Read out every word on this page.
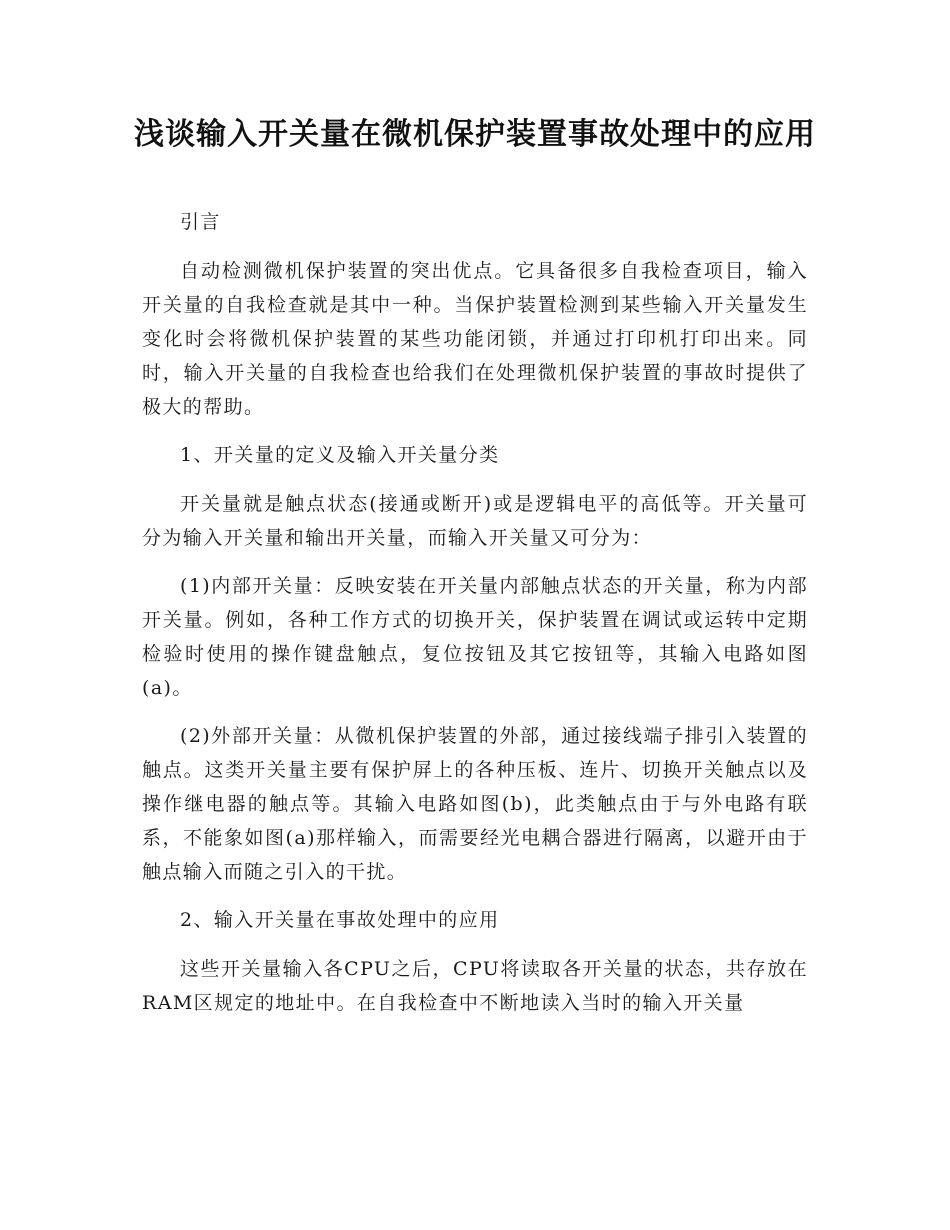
浅谈输入开关量在微机保护装置事故处理中的应用

引言

自动检测微机保护装置的突出优点。它具备很多自我检查项目，输入开关量的自我检查就是其中一种。当保护装置检测到某些输入开关量发生变化时会将微机保护装置的某些功能闭锁，并通过打印机打印出来。同时，输入开关量的自我检查也给我们在处理微机保护装置的事故时提供了极大的帮助。

1、开关量的定义及输入开关量分类

开关量就是触点状态(接通或断开)或是逻辑电平的高低等。开关量可分为输入开关量和输出开关量，而输入开关量又可分为：

(1)内部开关量：反映安装在开关量内部触点状态的开关量，称为内部开关量。例如，各种工作方式的切换开关，保护装置在调试或运转中定期检验时使用的操作键盘触点，复位按钮及其它按钮等，其输入电路如图(a)。

(2)外部开关量：从微机保护装置的外部，通过接线端子排引入装置的触点。这类开关量主要有保护屏上的各种压板、连片、切换开关触点以及操作继电器的触点等。其输入电路如图(b)，此类触点由于与外电路有联系，不能象如图(a)那样输入，而需要经光电耦合器进行隔离，以避开由于触点输入而随之引入的干扰。

2、输入开关量在事故处理中的应用

这些开关量输入各CPU之后，CPU将读取各开关量的状态，共存放在RAM区规定的地址中。在自我检查中不断地读入当时的输入开关量
